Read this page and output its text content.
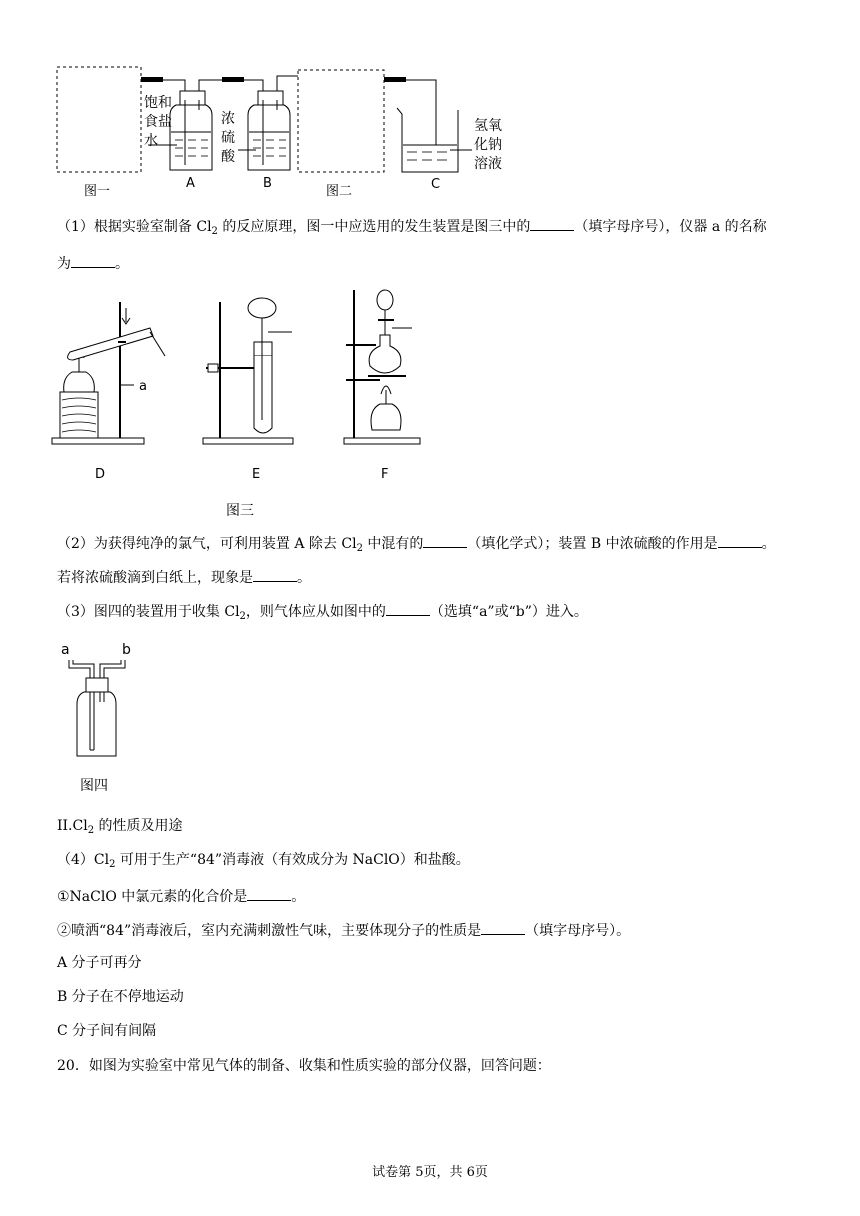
饱和食盐水
浓硫酸
氢氧化钠溶液
图一
A	B
图二	C
（1）根据实验室制备 $Cl_2$ 的反应原理，图一中应选用的发生装置是图三中的	（填字母序号），仪器 a 的名称
为	。
a
D	E	F
图三
（2）为获得纯净的氯气，可利用装置 A 除去 $Cl_2$ 中混有的	（填化学式）；装置 B 中浓硫酸的作用是	。
若将浓硫酸滴到白纸上，现象是	。
（3）图四的装置用于收集 $Cl_2$，则气体应从如图中的	（选填“a”或“b”）进入。
a	b
图四
$II.Cl_2$ 的性质及用途
$(4)Cl_2$ 可用于生产“84”消毒液（有效成分为 NaClO）和盐酸。
①NaClO 中氯元素的化合价是	。
②喷洒“84”消毒液后，室内充满刺激性气味，主要体现分子的性质是	（填字母序号）。
A 分子可再分
B 分子在不停地运动
C 分子间有间隔
20．如图为实验室中常见气体的制备、收集和性质实验的部分仪器，回答问题：
试卷第 5页，共 6页
